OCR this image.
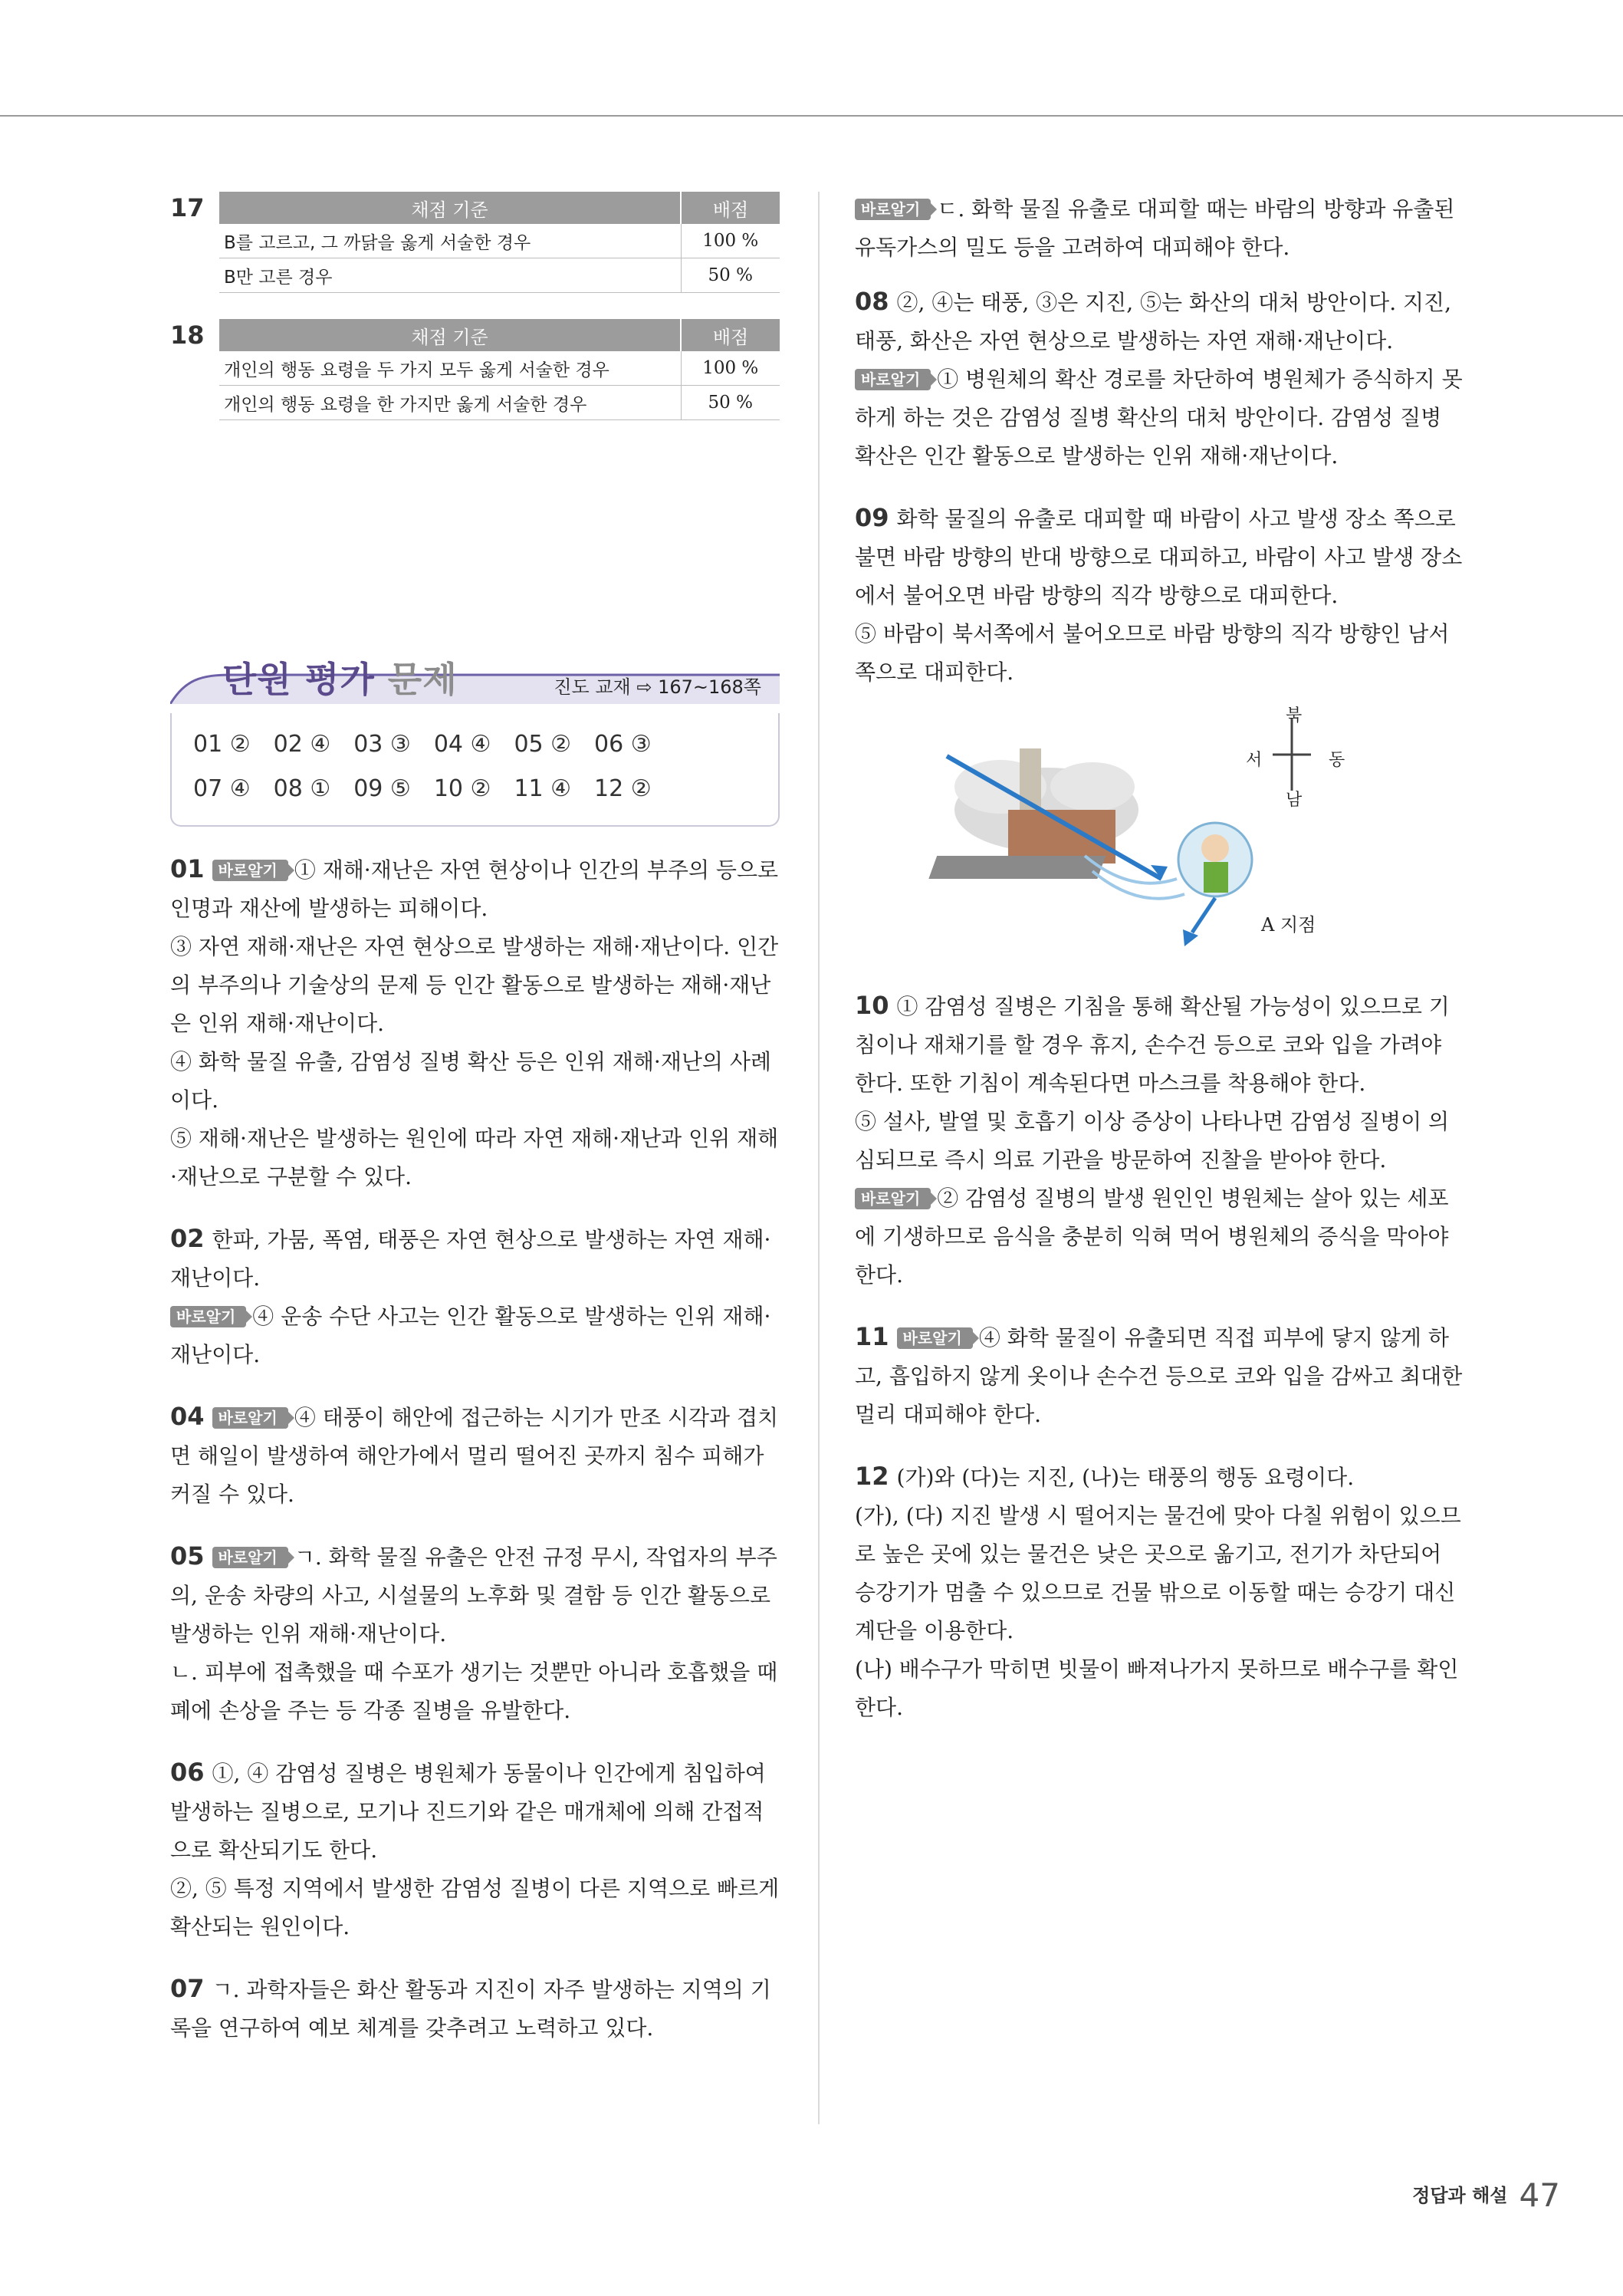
17	채점 기준	배점
B를 고르고, 그 까닭을 옳게 서술한 경우	100 %
B만 고른 경우	50 %
18	채점 기준	배점
개인의 행동 요령을 두 가지 모두 옳게 서술한 경우	100 %
개인의 행동 요령을 한 가지만 옳게 서술한 경우	50 %
단원 평가 문제	진도 교재 ⇨ 167~168쪽
01 ② 02 ④ 03 ③ 04 ④ 05 ② 06 ③
07 ④ 08 ① 09 ⑤ 10 ② 11 ④ 12 ②

01 바로알기 ① 재해·재난은 자연 현상이나 인간의 부주의 등으로 인명과 재산에 발생하는 피해이다.

③ 자연 재해·재난은 자연 현상으로 발생하는 재해·재난이다. 인간의 부주의나 기술상의 문제 등 인간 활동으로 발생하는 재해·재난은 인위 재해·재난이다.

④ 화학 물질 유출, 감염성 질병 확산 등은 인위 재해·재난의 사례이다.

⑤ 재해·재난은 발생하는 원인에 따라 자연 재해·재난과 인위 재해·재난으로 구분할 수 있다.

02 한파, 가뭄, 폭염, 태풍은 자연 현상으로 발생하는 자연 재해·재난이다.

바로알기 ④ 운송 수단 사고는 인간 활동으로 발생하는 인위 재해·재난이다.

04 바로알기 ④ 태풍이 해안에 접근하는 시기가 만조 시각과 겹치면 해일이 발생하여 해안가에서 멀리 떨어진 곳까지 침수 피해가 커질 수 있다.

05 바로알기 ㄱ. 화학 물질 유출은 안전 규정 무시, 작업자의 부주의, 운송 차량의 사고, 시설물의 노후화 및 결함 등 인간 활동으로 발생하는 인위 재해·재난이다.

ㄴ. 피부에 접촉했을 때 수포가 생기는 것뿐만 아니라 호흡했을 때 폐에 손상을 주는 등 각종 질병을 유발한다.

06 ①, ④ 감염성 질병은 병원체가 동물이나 인간에게 침입하여 발생하는 질병으로, 모기나 진드기와 같은 매개체에 의해 간접적으로 확산되기도 한다.

②, ⑤ 특정 지역에서 발생한 감염성 질병이 다른 지역으로 빠르게 확산되는 원인이다.

07 ㄱ. 과학자들은 화산 활동과 지진이 자주 발생하는 지역의 기록을 연구하여 예보 체계를 갖추려고 노력하고 있다.

바로알기 ㄷ. 화학 물질 유출로 대피할 때는 바람의 방향과 유출된 유독가스의 밀도 등을 고려하여 대피해야 한다.

08 ②, ④는 태풍, ③은 지진, ⑤는 화산의 대처 방안이다. 지진, 태풍, 화산은 자연 현상으로 발생하는 자연 재해·재난이다.

바로알기 ① 병원체의 확산 경로를 차단하여 병원체가 증식하지 못하게 하는 것은 감염성 질병 확산의 대처 방안이다. 감염성 질병 확산은 인간 활동으로 발생하는 인위 재해·재난이다.

09 화학 물질의 유출로 대피할 때 바람이 사고 발생 장소 쪽으로 불면 바람 방향의 반대 방향으로 대피하고, 바람이 사고 발생 장소에서 불어오면 바람 방향의 직각 방향으로 대피한다.

⑤ 바람이 북서쪽에서 불어오므로 바람 방향의 직각 방향인 남서쪽으로 대피한다.

북
서	동
남
A 지점

10 ① 감염성 질병은 기침을 통해 확산될 가능성이 있으므로 기침이나 재채기를 할 경우 휴지, 손수건 등으로 코와 입을 가려야 한다. 또한 기침이 계속된다면 마스크를 착용해야 한다.

⑤ 설사, 발열 및 호흡기 이상 증상이 나타나면 감염성 질병이 의심되므로 즉시 의료 기관을 방문하여 진찰을 받아야 한다.

바로알기 ② 감염성 질병의 발생 원인인 병원체는 살아 있는 세포에 기생하므로 음식을 충분히 익혀 먹어 병원체의 증식을 막아야 한다.

11 바로알기 ④ 화학 물질이 유출되면 직접 피부에 닿지 않게 하고, 흡입하지 않게 옷이나 손수건 등으로 코와 입을 감싸고 최대한 멀리 대피해야 한다.

12 (가)와 (다)는 지진, (나)는 태풍의 행동 요령이다.

(가), (다) 지진 발생 시 떨어지는 물건에 맞아 다칠 위험이 있으므로 높은 곳에 있는 물건은 낮은 곳으로 옮기고, 전기가 차단되어 승강기가 멈출 수 있으므로 건물 밖으로 이동할 때는 승강기 대신 계단을 이용한다.

(나) 배수구가 막히면 빗물이 빠져나가지 못하므로 배수구를 확인한다.

정답과 해설 47
